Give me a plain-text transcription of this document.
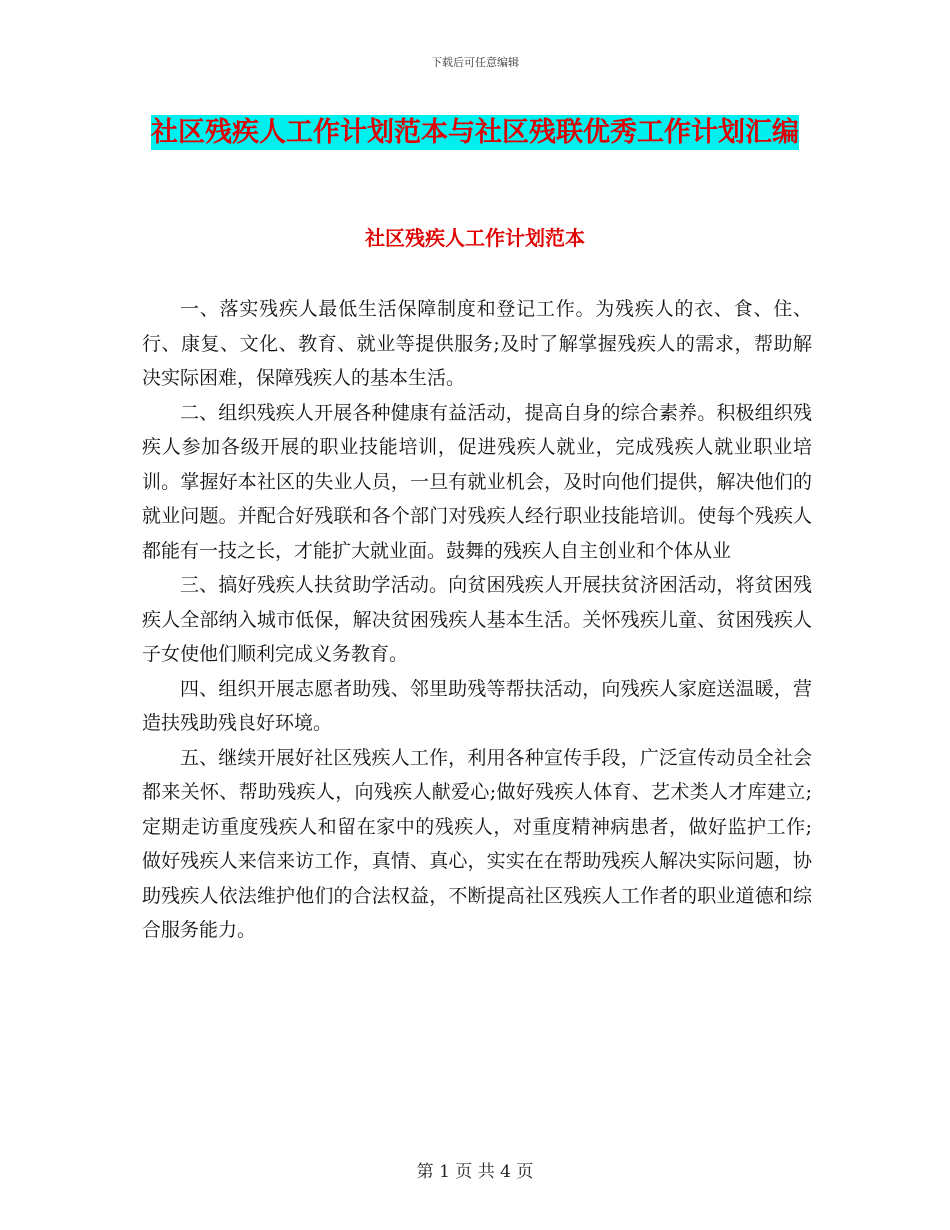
下载后可任意编辑
社区残疾人工作计划范本与社区残联优秀工作计划汇编
社区残疾人工作计划范本

一、落实残疾人最低生活保障制度和登记工作。为残疾人的衣、食、住、行、康复、文化、教育、就业等提供服务;及时了解掌握残疾人的需求，帮助解决实际困难，保障残疾人的基本生活。

二、组织残疾人开展各种健康有益活动，提高自身的综合素养。积极组织残疾人参加各级开展的职业技能培训，促进残疾人就业，完成残疾人就业职业培训。掌握好本社区的失业人员，一旦有就业机会，及时向他们提供，解决他们的就业问题。并配合好残联和各个部门对残疾人经行职业技能培训。使每个残疾人都能有一技之长，才能扩大就业面。鼓舞的残疾人自主创业和个体从业

三、搞好残疾人扶贫助学活动。向贫困残疾人开展扶贫济困活动，将贫困残疾人全部纳入城市低保，解决贫困残疾人基本生活。关怀残疾儿童、贫困残疾人子女使他们顺利完成义务教育。

四、组织开展志愿者助残、邻里助残等帮扶活动，向残疾人家庭送温暖，营造扶残助残良好环境。

五、继续开展好社区残疾人工作，利用各种宣传手段，广泛宣传动员全社会都来关怀、帮助残疾人，向残疾人献爱心;做好残疾人体育、艺术类人才库建立;定期走访重度残疾人和留在家中的残疾人，对重度精神病患者，做好监护工作;做好残疾人来信来访工作，真情、真心，实实在在帮助残疾人解决实际问题，协助残疾人依法维护他们的合法权益，不断提高社区残疾人工作者的职业道德和综合服务能力。

第 1 页 共 4 页
